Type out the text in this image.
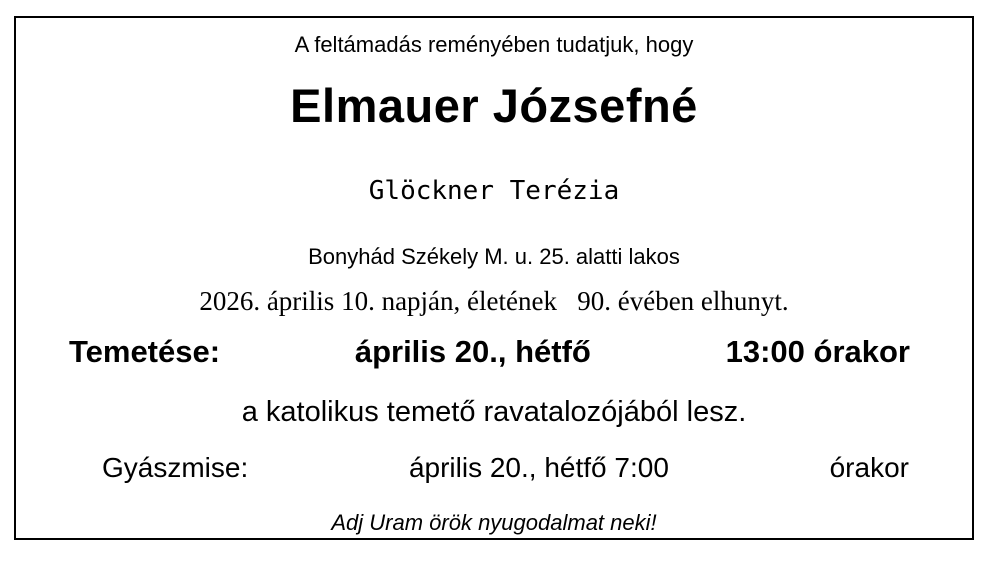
A feltámadás reményében tudatjuk, hogy
Elmauer Józsefné
Glöckner Terézia
Bonyhád Székely M. u. 25. alatti lakos
2026. április 10. napján, életének   90. évében elhunyt.
Temetése:	április 20., hétfő	13:00 órakor
a katolikus temető ravatalozójából lesz.
Gyászmise:	április 20., hétfő 7:00	órakor
Adj Uram örök nyugodalmat neki!
